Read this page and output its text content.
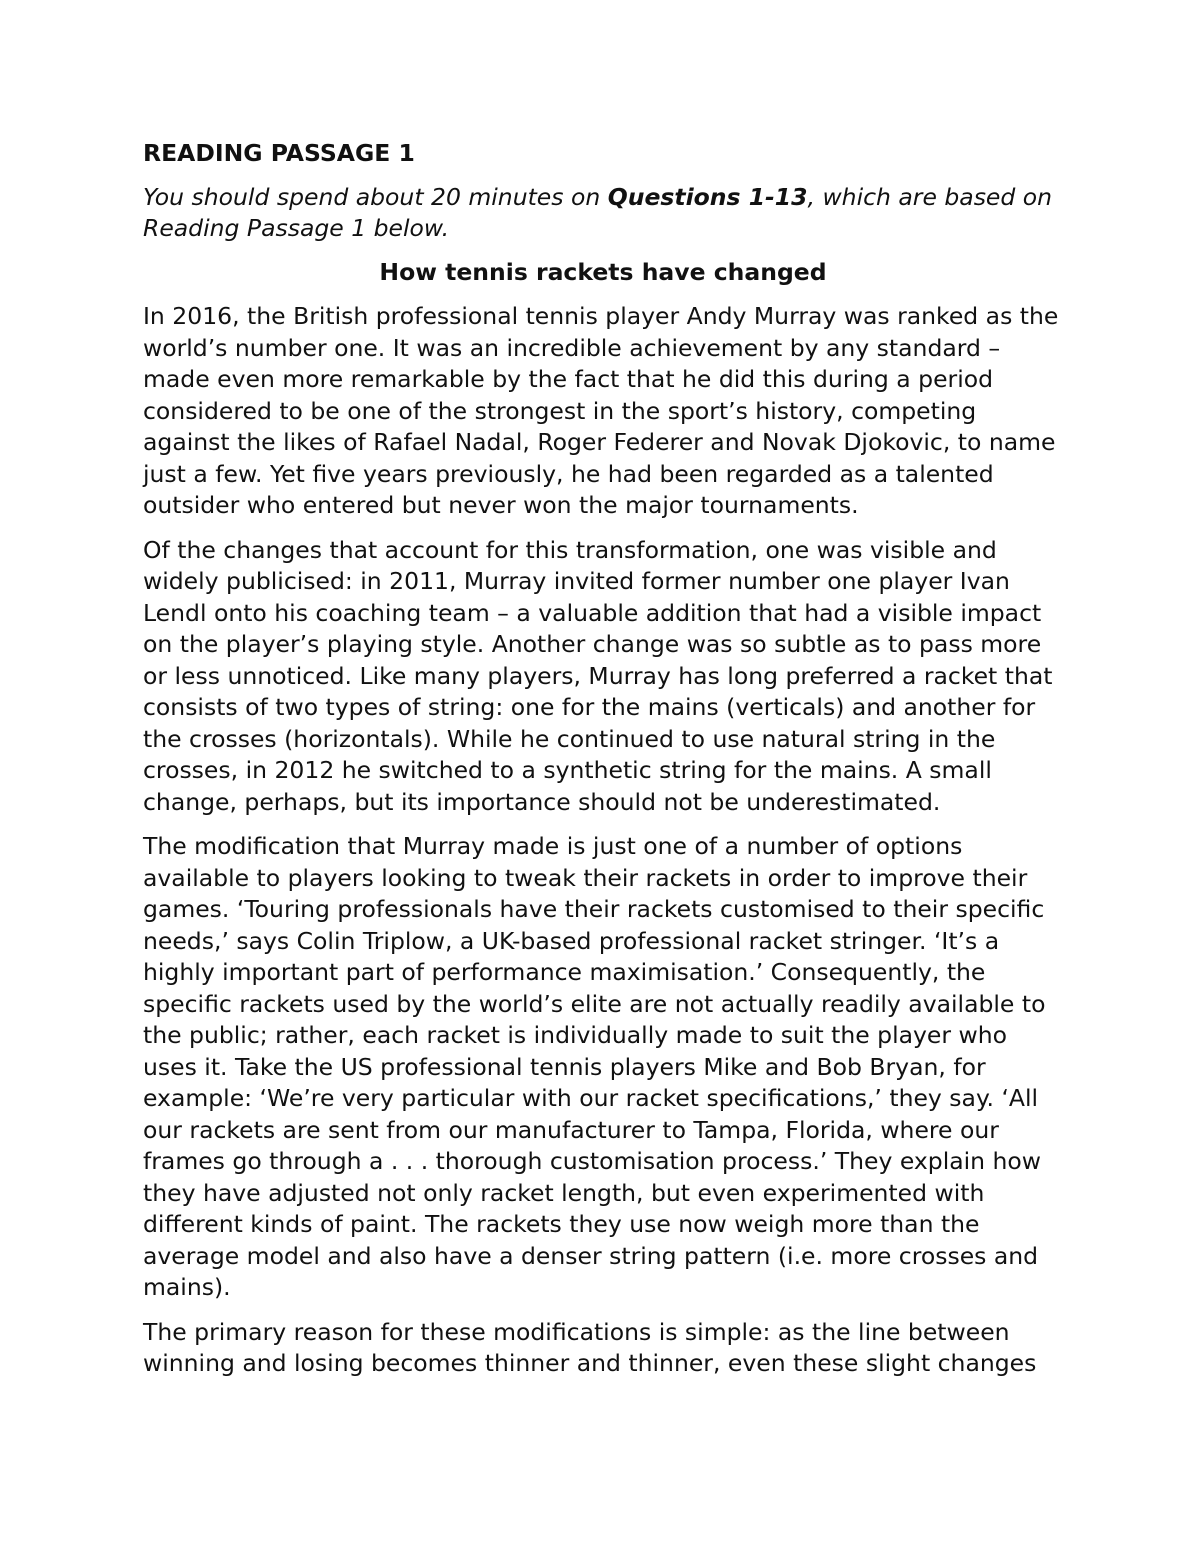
READING PASSAGE 1

You should spend about 20 minutes on Questions 1-13, which are based on Reading Passage 1 below.

How tennis rackets have changed

In 2016, the British professional tennis player Andy Murray was ranked as the world’s number one. It was an incredible achievement by any standard – made even more remarkable by the fact that he did this during a period considered to be one of the strongest in the sport’s history, competing against the likes of Rafael Nadal, Roger Federer and Novak Djokovic, to name just a few. Yet five years previously, he had been regarded as a talented outsider who entered but never won the major tournaments.

Of the changes that account for this transformation, one was visible and widely publicised: in 2011, Murray invited former number one player Ivan Lendl onto his coaching team – a valuable addition that had a visible impact on the player’s playing style. Another change was so subtle as to pass more or less unnoticed. Like many players, Murray has long preferred a racket that consists of two types of string: one for the mains (verticals) and another for the crosses (horizontals). While he continued to use natural string in the crosses, in 2012 he switched to a synthetic string for the mains. A small change, perhaps, but its importance should not be underestimated.

The modification that Murray made is just one of a number of options available to players looking to tweak their rackets in order to improve their games. ‘Touring professionals have their rackets customised to their specific needs,’ says Colin Triplow, a UK-based professional racket stringer. ‘It’s a highly important part of performance maximisation.’ Consequently, the specific rackets used by the world’s elite are not actually readily available to the public; rather, each racket is individually made to suit the player who uses it. Take the US professional tennis players Mike and Bob Bryan, for example: ‘We’re very particular with our racket specifications,’ they say. ‘All our rackets are sent from our manufacturer to Tampa, Florida, where our frames go through a . . . thorough customisation process.’ They explain how they have adjusted not only racket length, but even experimented with different kinds of paint. The rackets they use now weigh more than the average model and also have a denser string pattern (i.e. more crosses and mains).

The primary reason for these modifications is simple: as the line between winning and losing becomes thinner and thinner, even these slight changes
